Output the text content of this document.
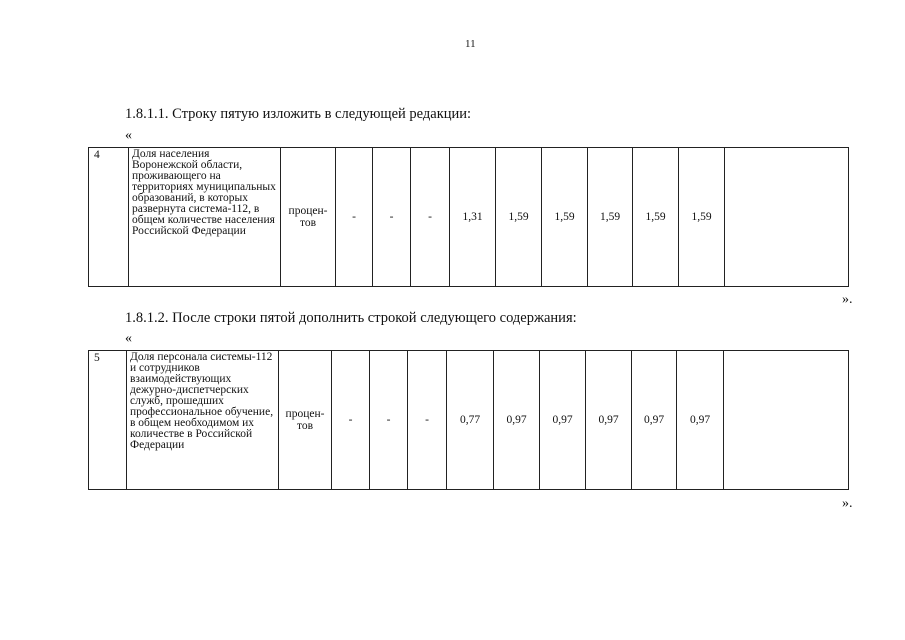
11
1.8.1.1. Строку пятую изложить в следующей редакции:
«
4	Доля населения Воронежской области, проживающего на территориях муниципальных образований, в которых развернута система-112, в общем количестве населения Российской Федерации	процен- тов	-	-	-	1,31	1,59	1,59	1,59	1,59	1,59	
».
1.8.1.2. После строки пятой дополнить строкой следующего содержания:
«
5	Доля персонала системы-112 и сотрудников взаимодействующих дежурно-диспетчерских служб, прошедших профессиональное обучение, в общем необходимом их количестве в Российской Федерации	процен- тов	-	-	-	0,77	0,97	0,97	0,97	0,97	0,97	
».
